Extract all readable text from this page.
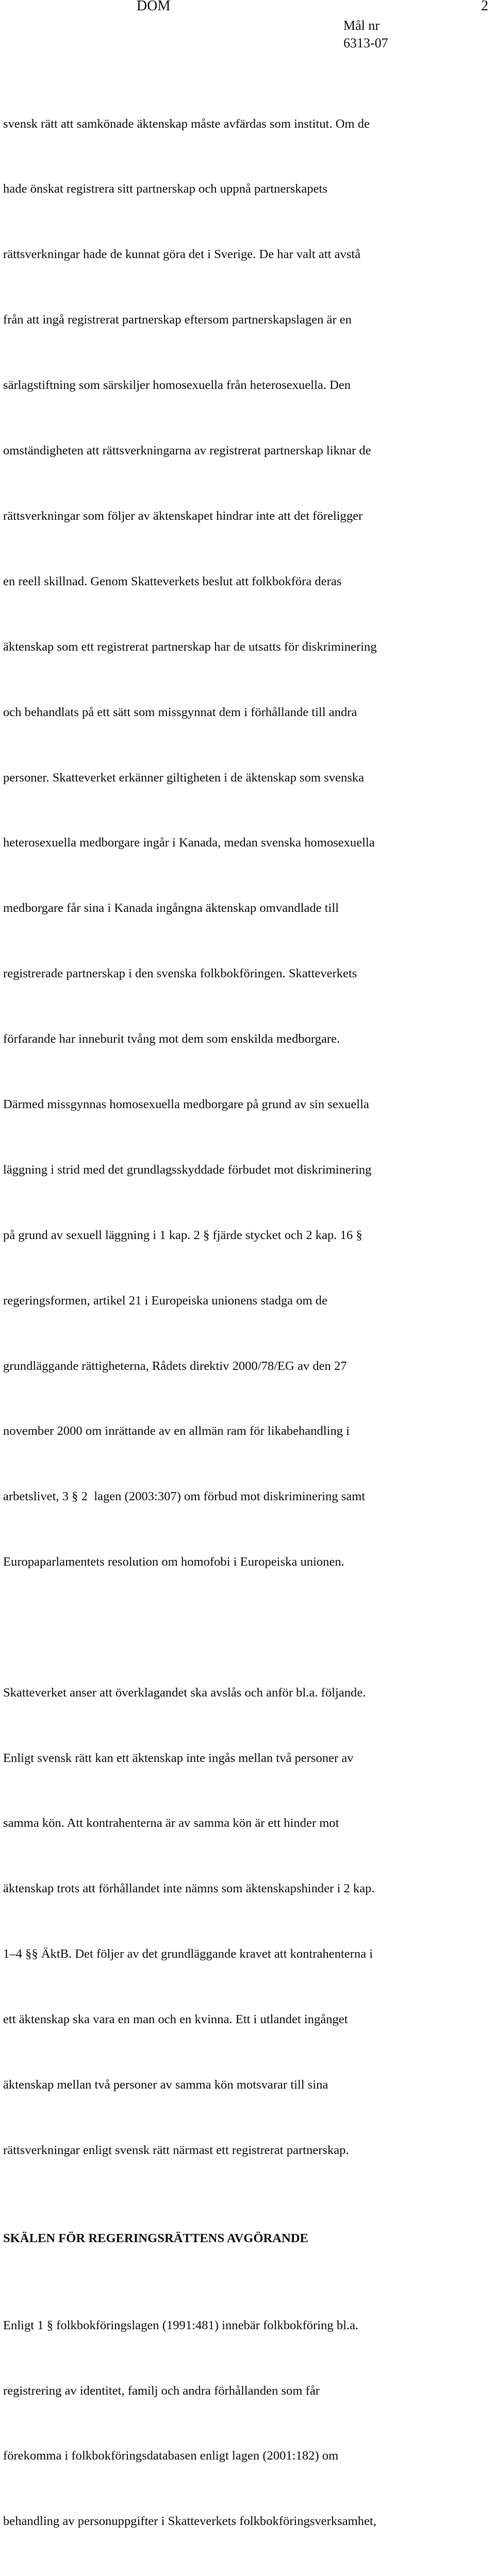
DOM	2
Mål nr
6313-07

svensk rätt att samkönade äktenskap måste avfärdas som institut. Om de

hade önskat registrera sitt partnerskap och uppnå partnerskapets

rättsverkningar hade de kunnat göra det i Sverige. De har valt att avstå

från att ingå registrerat partnerskap eftersom partnerskapslagen är en

särlagstiftning som särskiljer homosexuella från heterosexuella. Den

omständigheten att rättsverkningarna av registrerat partnerskap liknar de

rättsverkningar som följer av äktenskapet hindrar inte att det föreligger

en reell skillnad. Genom Skatteverkets beslut att folkbokföra deras

äktenskap som ett registrerat partnerskap har de utsatts för diskriminering

och behandlats på ett sätt som missgynnat dem i förhållande till andra

personer. Skatteverket erkänner giltigheten i de äktenskap som svenska

heterosexuella medborgare ingår i Kanada, medan svenska homosexuella

medborgare får sina i Kanada ingångna äktenskap omvandlade till

registrerade partnerskap i den svenska folkbokföringen. Skatteverkets

förfarande har inneburit tvång mot dem som enskilda medborgare.

Därmed missgynnas homosexuella medborgare på grund av sin sexuella

läggning i strid med det grundlagsskyddade förbudet mot diskriminering

på grund av sexuell läggning i 1 kap. 2 § fjärde stycket och 2 kap. 16 §

regeringsformen, artikel 21 i Europeiska unionens stadga om de

grundläggande rättigheterna, Rådets direktiv 2000/78/EG av den 27

november 2000 om inrättande av en allmän ram för likabehandling i

arbetslivet, 3 § 2  lagen (2003:307) om förbud mot diskriminering samt

Europaparlamentets resolution om homofobi i Europeiska unionen.

Skatteverket anser att överklagandet ska avslås och anför bl.a. följande.

Enligt svensk rätt kan ett äktenskap inte ingås mellan två personer av

samma kön. Att kontrahenterna är av samma kön är ett hinder mot

äktenskap trots att förhållandet inte nämns som äktenskapshinder i 2 kap.

1–4 §§ ÄktB. Det följer av det grundläggande kravet att kontrahenterna i

ett äktenskap ska vara en man och en kvinna. Ett i utlandet ingånget

äktenskap mellan två personer av samma kön motsvarar till sina

rättsverkningar enligt svensk rätt närmast ett registrerat partnerskap.

SKÄLEN FÖR REGERINGSRÄTTENS AVGÖRANDE

Enligt 1 § folkbokföringslagen (1991:481) innebär folkbokföring bl.a.

registrering av identitet, familj och andra förhållanden som får

förekomma i folkbokföringsdatabasen enligt lagen (2001:182) om

behandling av personuppgifter i Skatteverkets folkbokföringsverksamhet,
